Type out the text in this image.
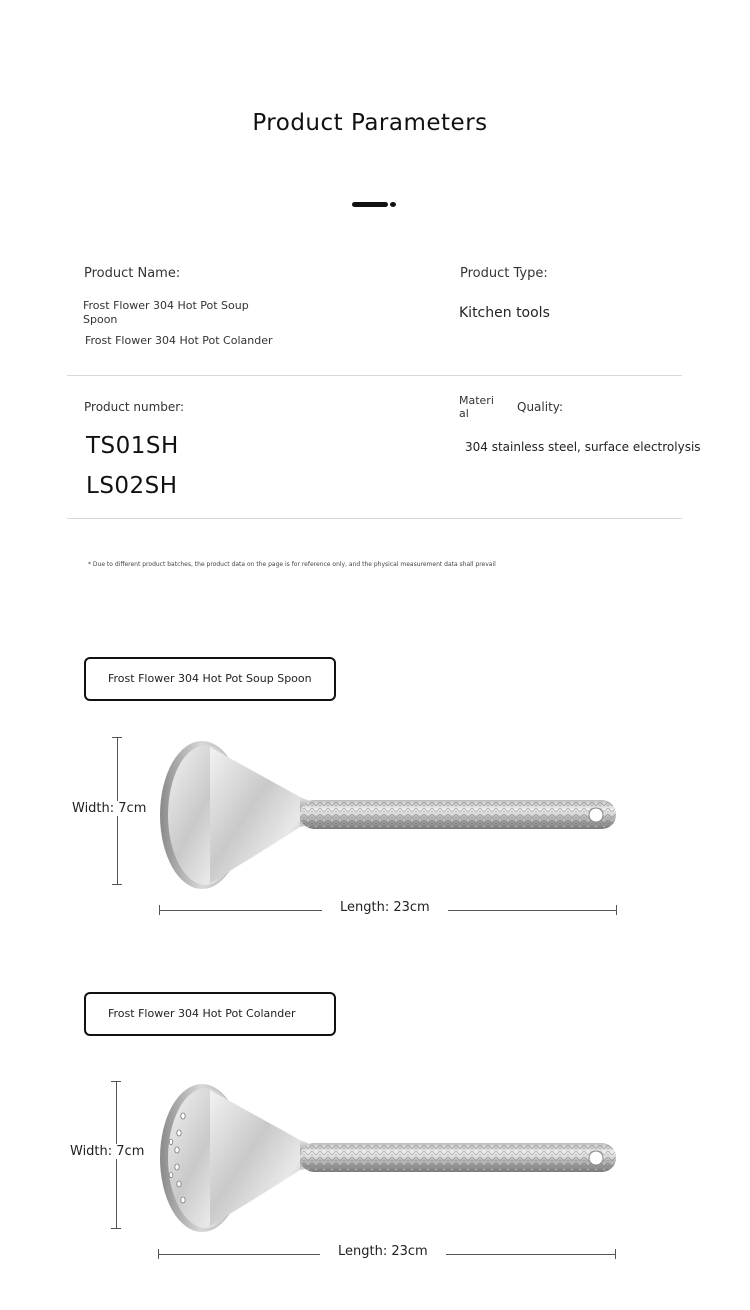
Product Parameters
Product Name:
Frost Flower 304 Hot Pot Soup Spoon
Frost Flower 304 Hot Pot Colander
Product Type:
Kitchen tools
Product number:
TS01SH
LS02SH
Materi
al	Quality:
304 stainless steel, surface electrolysis
* Due to different product batches, the product data on the page is for reference only, and the physical measurement data shall prevail
Frost Flower 304 Hot Pot Soup Spoon
Width: 7cm
Length: 23cm
Frost Flower 304 Hot Pot Colander
Width: 7cm
Length: 23cm
